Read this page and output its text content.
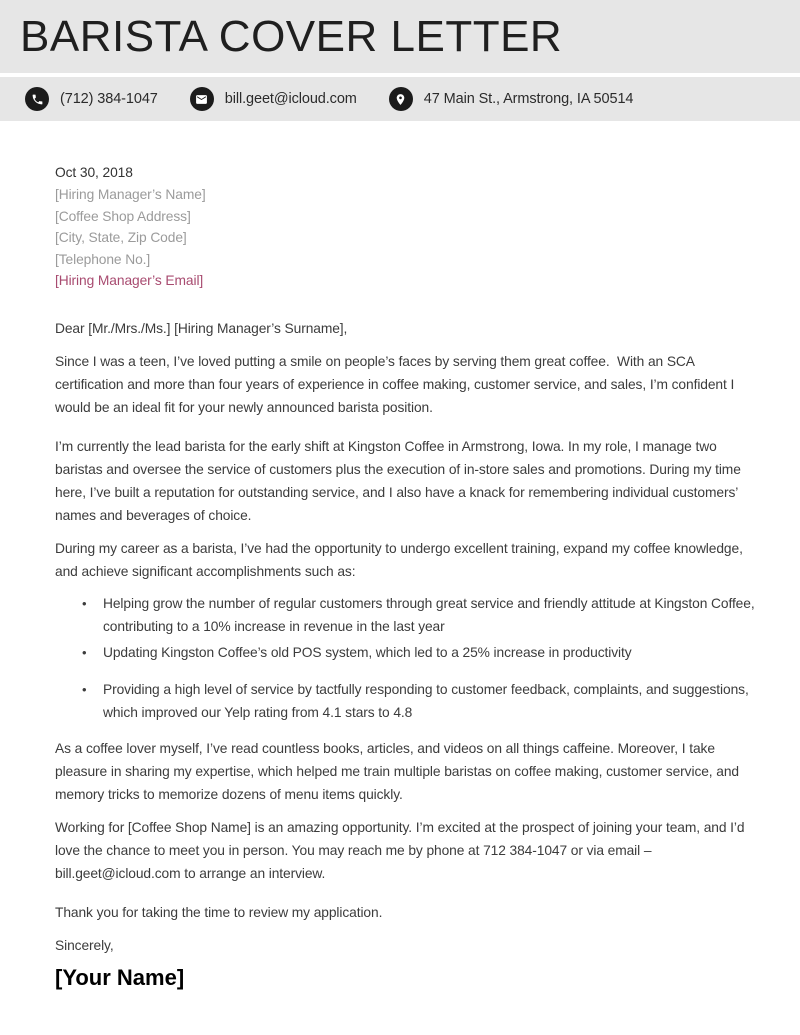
BARISTA COVER LETTER
(712) 384-1047	bill.geet@icloud.com	47 Main St., Armstrong, IA 50514

Oct 30, 2018

[Hiring Manager’s Name]

[Coffee Shop Address]

[City, State, Zip Code]

[Telephone No.]

[Hiring Manager’s Email]

Dear [Mr./Mrs./Ms.] [Hiring Manager’s Surname],

Since I was a teen, I’ve loved putting a smile on people’s faces by serving them great coffee.  With an SCA certification and more than four years of experience in coffee making, customer service, and sales, I’m confident I would be an ideal fit for your newly announced barista position.

I’m currently the lead barista for the early shift at Kingston Coffee in Armstrong, Iowa. In my role, I manage two baristas and oversee the service of customers plus the execution of in-store sales and promotions. During my time here, I’ve built a reputation for outstanding service, and I also have a knack for remembering individual customers’ names and beverages of choice.

During my career as a barista, I’ve had the opportunity to undergo excellent training, expand my coffee knowledge, and achieve significant accomplishments such as:

• Helping grow the number of regular customers through great service and friendly attitude at Kingston Coffee, contributing to a 10% increase in revenue in the last year
• Updating Kingston Coffee’s old POS system, which led to a 25% increase in productivity
• Providing a high level of service by tactfully responding to customer feedback, complaints, and suggestions, which improved our Yelp rating from 4.1 stars to 4.8

As a coffee lover myself, I’ve read countless books, articles, and videos on all things caffeine. Moreover, I take pleasure in sharing my expertise, which helped me train multiple baristas on coffee making, customer service, and memory tricks to memorize dozens of menu items quickly.

Working for [Coffee Shop Name] is an amazing opportunity. I’m excited at the prospect of joining your team, and I’d love the chance to meet you in person. You may reach me by phone at 712 384-1047 or via email – bill.geet@icloud.com to arrange an interview.

Thank you for taking the time to review my application.

Sincerely,

[Your Name]
